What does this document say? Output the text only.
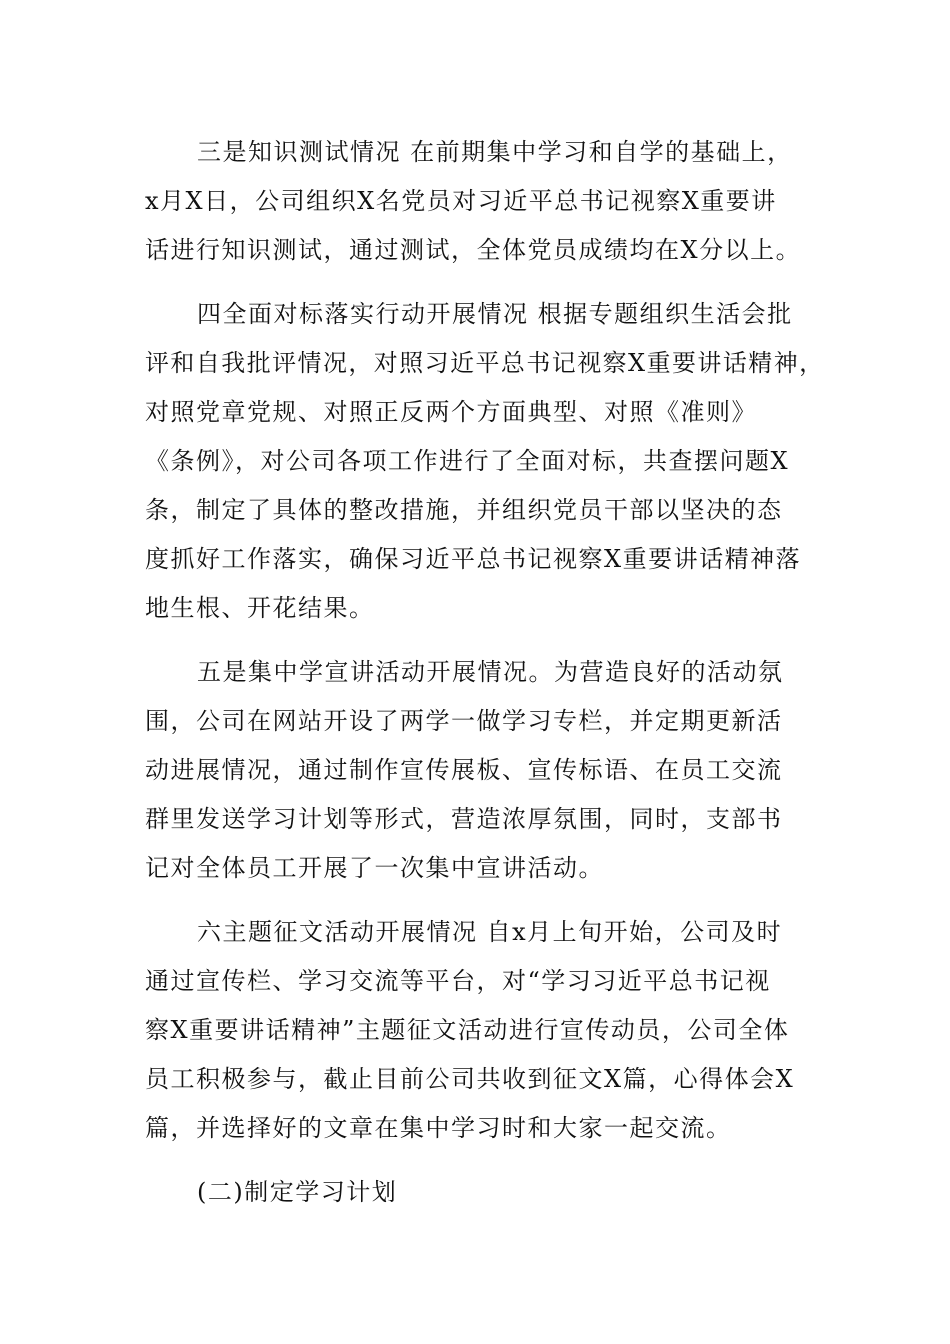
三是知识测试情况 在前期集中学习和自学的基础上，
x月X日，公司组织X名党员对习近平总书记视察X重要讲
话进行知识测试，通过测试，全体党员成绩均在X分以上。
四全面对标落实行动开展情况 根据专题组织生活会批
评和自我批评情况，对照习近平总书记视察X重要讲话精神，
对照党章党规、对照正反两个方面典型、对照《准则》
《条例》，对公司各项工作进行了全面对标，共查摆问题X
条，制定了具体的整改措施，并组织党员干部以坚决的态
度抓好工作落实，确保习近平总书记视察X重要讲话精神落
地生根、开花结果。
五是集中学宣讲活动开展情况。为营造良好的活动氛
围，公司在网站开设了两学一做学习专栏，并定期更新活
动进展情况，通过制作宣传展板、宣传标语、在员工交流
群里发送学习计划等形式，营造浓厚氛围，同时，支部书
记对全体员工开展了一次集中宣讲活动。
六主题征文活动开展情况 自x月上旬开始，公司及时
通过宣传栏、学习交流等平台，对“学习习近平总书记视
察X重要讲话精神”主题征文活动进行宣传动员，公司全体
员工积极参与，截止目前公司共收到征文X篇，心得体会X
篇，并选择好的文章在集中学习时和大家一起交流。
(二)制定学习计划
